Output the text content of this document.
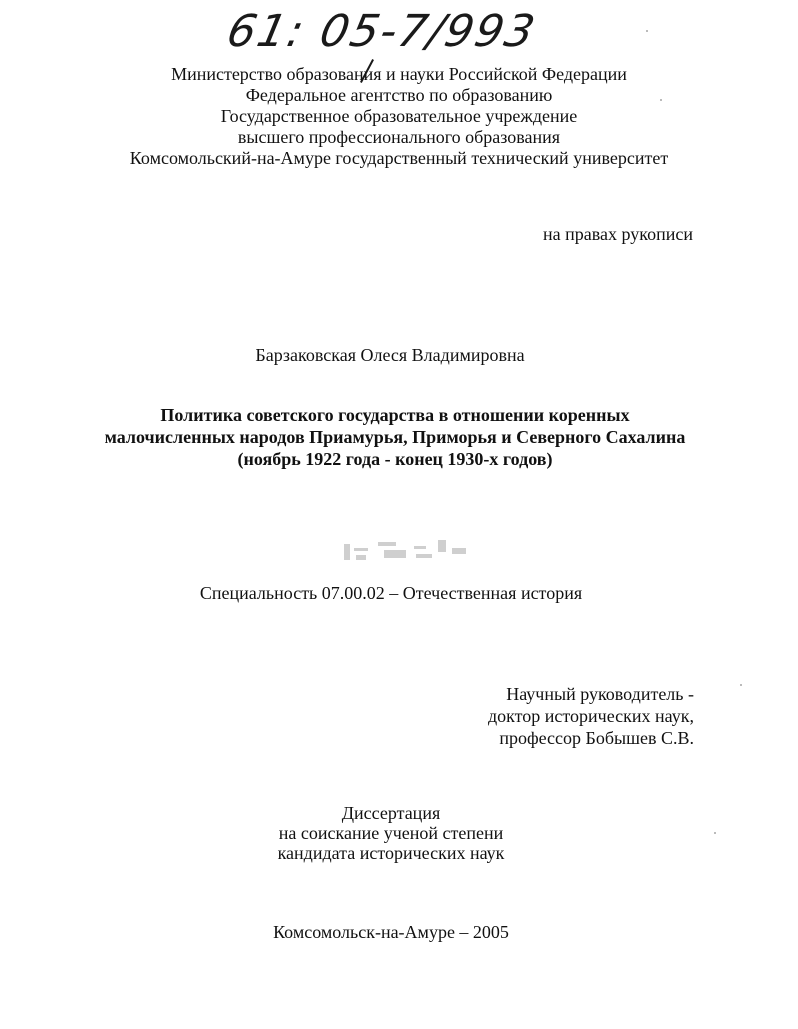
61: 05-7/993
Министерство образования и науки Российской Федерации
Федеральное агентство по образованию
Государственное образовательное учреждение
высшего профессионального образования
Комсомольский-на-Амуре государственный технический университет
на правах рукописи
Барзаковская Олеся Владимировна
Политика советского государства в отношении коренных
малочисленных народов Приамурья, Приморья и Северного Сахалина
(ноябрь 1922 года - конец 1930-х годов)
Специальность 07.00.02 – Отечественная история
Научный руководитель -
доктор исторических наук,
профессор Бобышев С.В.
Диссертация
на соискание ученой степени
кандидата исторических наук
Комсомольск-на-Амуре – 2005
